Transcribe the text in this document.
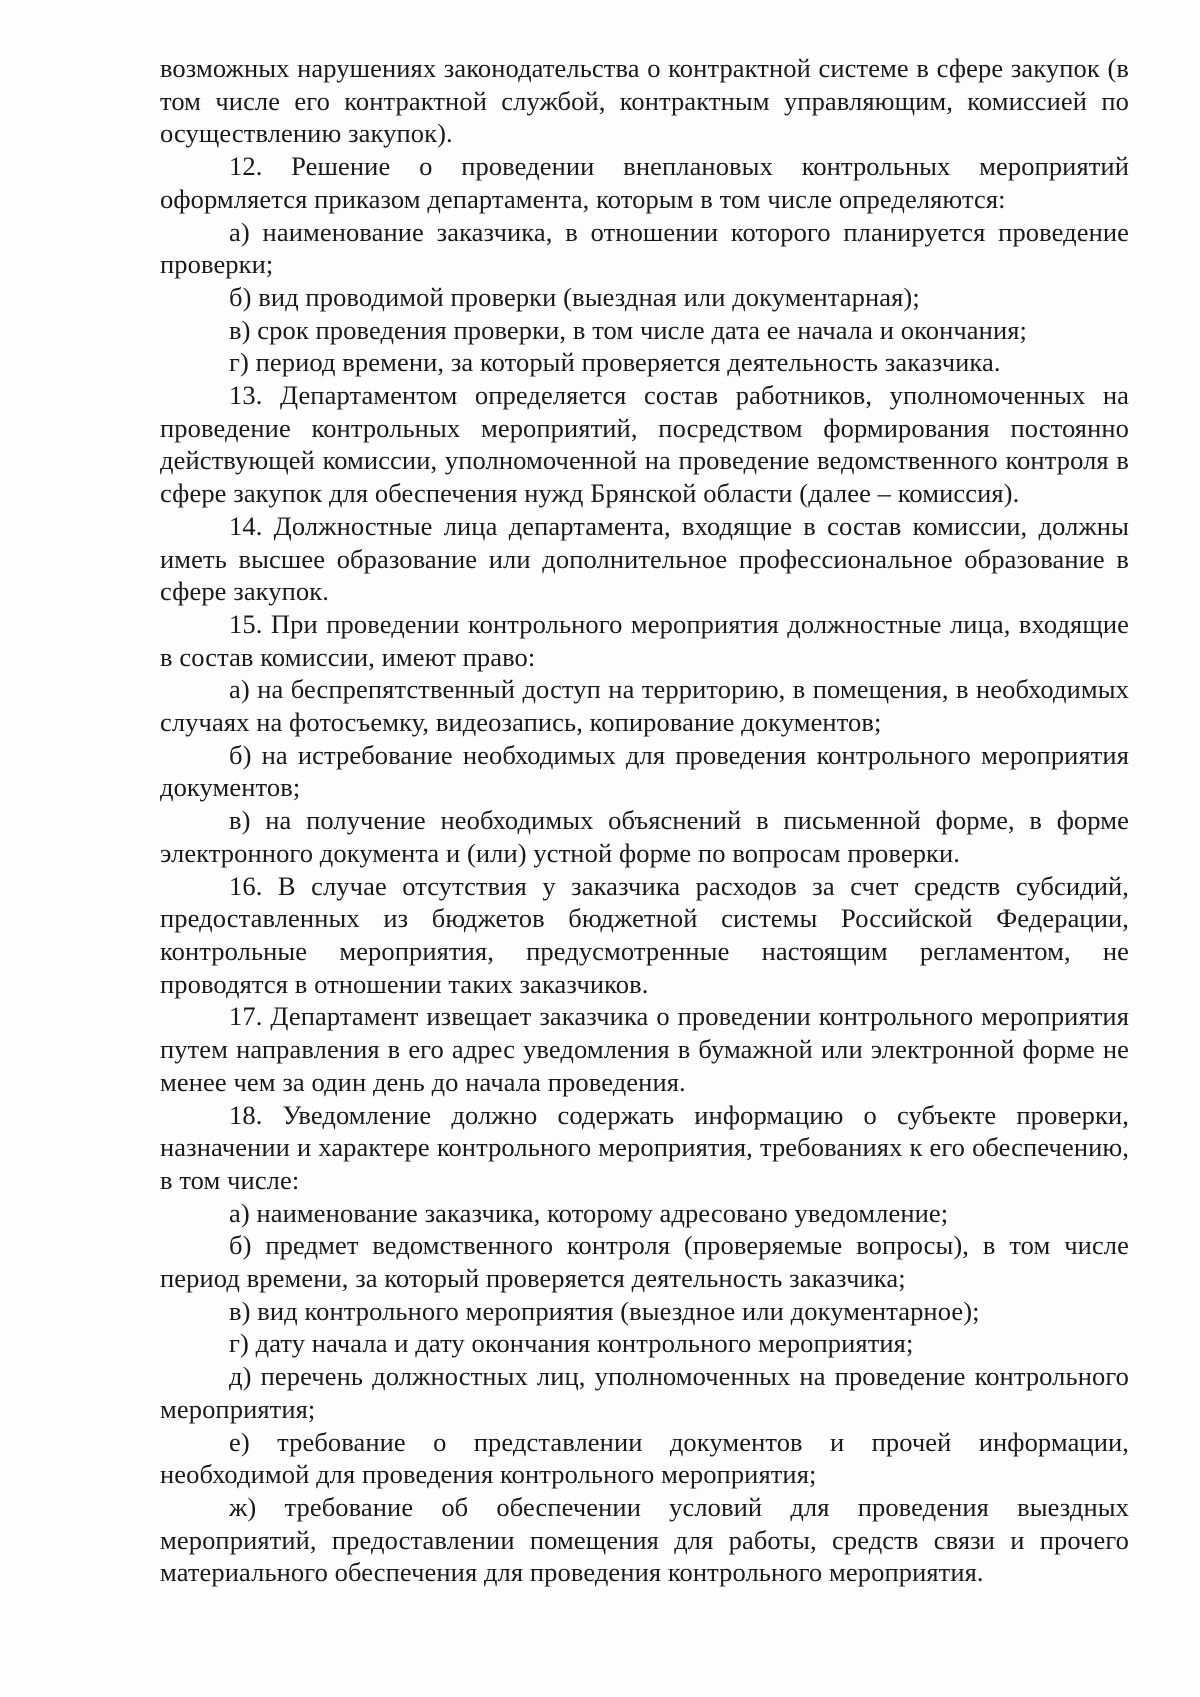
возможных нарушениях законодательства о контрактной системе в сфере закупок (в том числе его контрактной службой, контрактным управляющим, комиссией по осуществлению закупок).

12. Решение о проведении внеплановых контрольных мероприятий оформляется приказом департамента, которым в том числе определяются:

а) наименование заказчика, в отношении которого планируется проведение проверки;

б) вид проводимой проверки (выездная или документарная);

в) срок проведения проверки, в том числе дата ее начала и окончания;

г) период времени, за который проверяется деятельность заказчика.

13. Департаментом определяется состав работников, уполномоченных на проведение контрольных мероприятий, посредством формирования постоянно действующей комиссии, уполномоченной на проведение ведомственного контроля в сфере закупок для обеспечения нужд Брянской области (далее – комиссия).

14. Должностные лица департамента, входящие в состав комиссии, должны иметь высшее образование или дополнительное профессиональное образование в сфере закупок.

15. При проведении контрольного мероприятия должностные лица, входящие в состав комиссии, имеют право:

а) на беспрепятственный доступ на территорию, в помещения, в необходимых случаях на фотосъемку, видеозапись, копирование документов;

б) на истребование необходимых для проведения контрольного мероприятия документов;

в) на получение необходимых объяснений в письменной форме, в форме электронного документа и (или) устной форме по вопросам проверки.

16. В случае отсутствия у заказчика расходов за счет средств субсидий, предоставленных из бюджетов бюджетной системы Российской Федерации, контрольные мероприятия, предусмотренные настоящим регламентом, не проводятся в отношении таких заказчиков.

17. Департамент извещает заказчика о проведении контрольного мероприятия путем направления в его адрес уведомления в бумажной или электронной форме не менее чем за один день до начала проведения.

18. Уведомление должно содержать информацию о субъекте проверки, назначении и характере контрольного мероприятия, требованиях к его обеспечению, в том числе:

а) наименование заказчика, которому адресовано уведомление;

б) предмет ведомственного контроля (проверяемые вопросы), в том числе период времени, за который проверяется деятельность заказчика;

в) вид контрольного мероприятия (выездное или документарное);

г) дату начала и дату окончания контрольного мероприятия;

д) перечень должностных лиц, уполномоченных на проведение контрольного мероприятия;

е) требование о представлении документов и прочей информации, необходимой для проведения контрольного мероприятия;

ж) требование об обеспечении условий для проведения выездных мероприятий, предоставлении помещения для работы, средств связи и прочего материального обеспечения для проведения контрольного мероприятия.
